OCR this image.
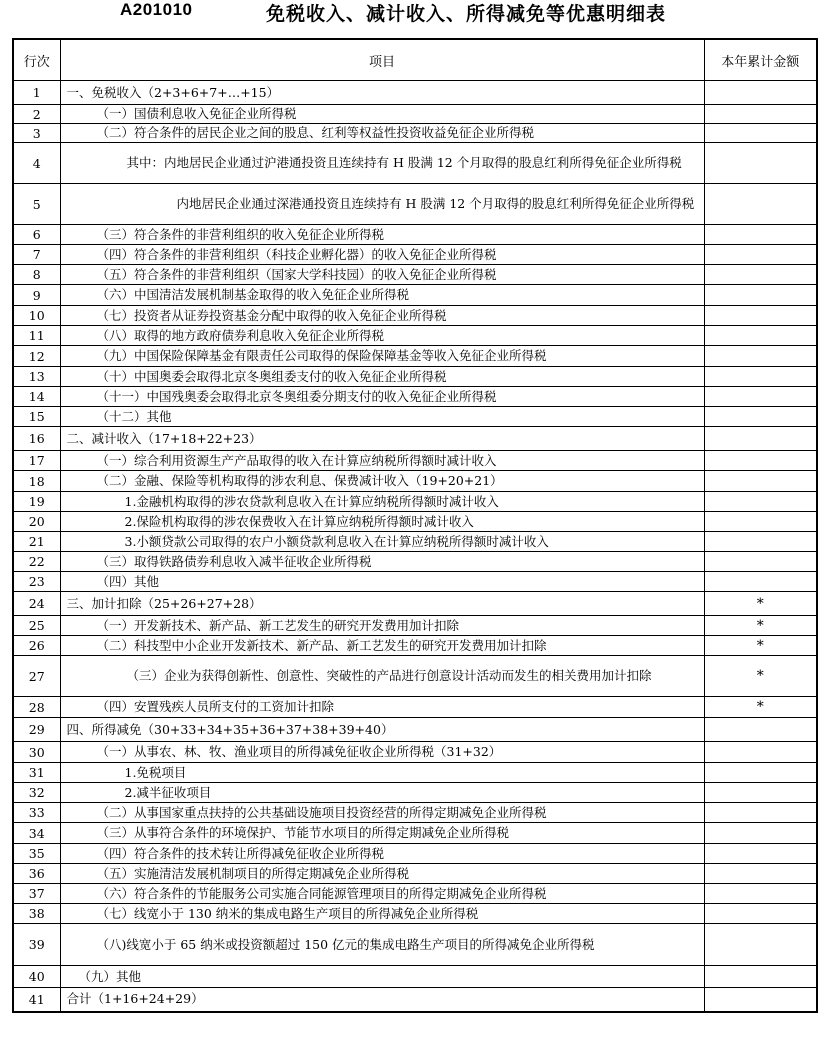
A201010	免税收入、减计收入、所得减免等优惠明细表
行次	项目	本年累计金额
1	一、免税收入（2+3+6+7+…+15）	
2	（一）国债利息收入免征企业所得税	
3	（二）符合条件的居民企业之间的股息、红利等权益性投资收益免征企业所得税	
4	其中：内地居民企业通过沪港通投资且连续持有 H 股满 12 个月取得的股息红利所得免征企业所得税	
5	内地居民企业通过深港通投资且连续持有 H 股满 12 个月取得的股息红利所得免征企业所得税	
6	（三）符合条件的非营利组织的收入免征企业所得税	
7	（四）符合条件的非营利组织（科技企业孵化器）的收入免征企业所得税	
8	（五）符合条件的非营利组织（国家大学科技园）的收入免征企业所得税	
9	（六）中国清洁发展机制基金取得的收入免征企业所得税	
10	（七）投资者从证券投资基金分配中取得的收入免征企业所得税	
11	（八）取得的地方政府债券利息收入免征企业所得税	
12	（九）中国保险保障基金有限责任公司取得的保险保障基金等收入免征企业所得税	
13	（十）中国奥委会取得北京冬奥组委支付的收入免征企业所得税	
14	（十一）中国残奥委会取得北京冬奥组委分期支付的收入免征企业所得税	
15	（十二）其他	
16	二、减计收入（17+18+22+23）	
17	（一）综合利用资源生产产品取得的收入在计算应纳税所得额时减计收入	
18	（二）金融、保险等机构取得的涉农利息、保费减计收入（19+20+21）	
19	1.金融机构取得的涉农贷款利息收入在计算应纳税所得额时减计收入	
20	2.保险机构取得的涉农保费收入在计算应纳税所得额时减计收入	
21	3.小额贷款公司取得的农户小额贷款利息收入在计算应纳税所得额时减计收入	
22	（三）取得铁路债券利息收入减半征收企业所得税	
23	（四）其他	
24	三、加计扣除（25+26+27+28）	*
25	（一）开发新技术、新产品、新工艺发生的研究开发费用加计扣除	*
26	（二）科技型中小企业开发新技术、新产品、新工艺发生的研究开发费用加计扣除	*
27	（三）企业为获得创新性、创意性、突破性的产品进行创意设计活动而发生的相关费用加计扣除	*
28	（四）安置残疾人员所支付的工资加计扣除	*
29	四、所得减免（30+33+34+35+36+37+38+39+40）	
30	（一）从事农、林、牧、渔业项目的所得减免征收企业所得税（31+32）	
31	1.免税项目	
32	2.减半征收项目	
33	（二）从事国家重点扶持的公共基础设施项目投资经营的所得定期减免企业所得税	
34	（三）从事符合条件的环境保护、节能节水项目的所得定期减免企业所得税	
35	（四）符合条件的技术转让所得减免征收企业所得税	
36	（五）实施清洁发展机制项目的所得定期减免企业所得税	
37	（六）符合条件的节能服务公司实施合同能源管理项目的所得定期减免企业所得税	
38	（七）线宽小于 130 纳米的集成电路生产项目的所得减免企业所得税	
39	（八)线宽小于 65 纳米或投资额超过 150 亿元的集成电路生产项目的所得减免企业所得税	
40	（九）其他	
41	合计（1+16+24+29）	
